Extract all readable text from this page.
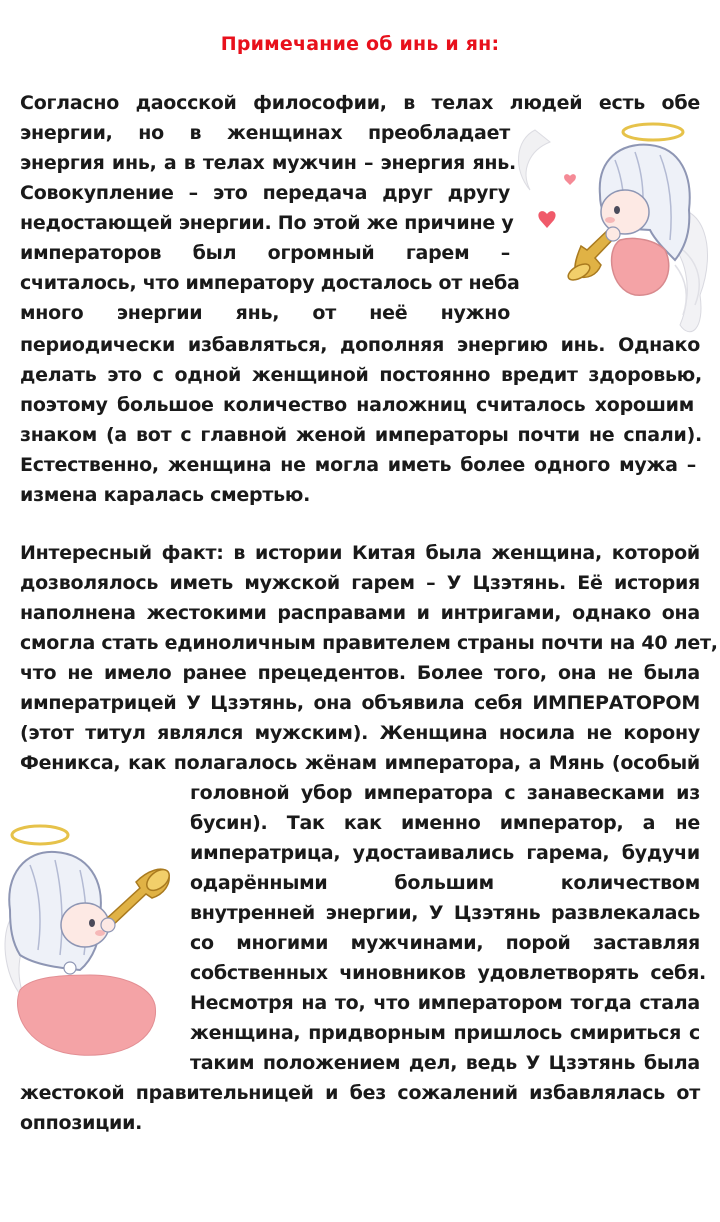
Примечание об инь и ян:
Согласно даосской философии, в телах людей есть обе
энергии, но в женщинах преобладает
энергия инь, а в телах мужчин – энергия янь.
Совокупление – это передача друг другу
недостающей энергии. По этой же причине у
императоров был огромный гарем –
считалось, что императору досталось от неба
много энергии янь, от неё нужно
периодически избавляться, дополняя энергию инь. Однако
делать это с одной женщиной постоянно вредит здоровью,
поэтому большое количество наложниц считалось хорошим
знаком (а вот с главной женой императоры почти не спали).
Естественно, женщина не могла иметь более одного мужа –
измена каралась смертью.
Интересный факт: в истории Китая была женщина, которой
дозволялось иметь мужской гарем – У Цзэтянь. Её история
наполнена жестокими расправами и интригами, однако она
смогла стать единоличным правителем страны почти на 40 лет,
что не имело ранее прецедентов. Более того, она не была
императрицей У Цзэтянь, она объявила себя ИМПЕРАТОРОМ
(этот титул являлся мужским). Женщина носила не корону
Феникса, как полагалось жёнам императора, а Мянь (особый
головной убор императора с занавесками из
бусин). Так как именно император, а не
императрица, удостаивались гарема, будучи
одарёнными большим количеством
внутренней энергии, У Цзэтянь развлекалась
со многими мужчинами, порой заставляя
собственных чиновников удовлетворять себя.
Несмотря на то, что императором тогда стала
женщина, придворным пришлось смириться с
таким положением дел, ведь У Цзэтянь была
жестокой правительницей и без сожалений избавлялась от
оппозиции.
